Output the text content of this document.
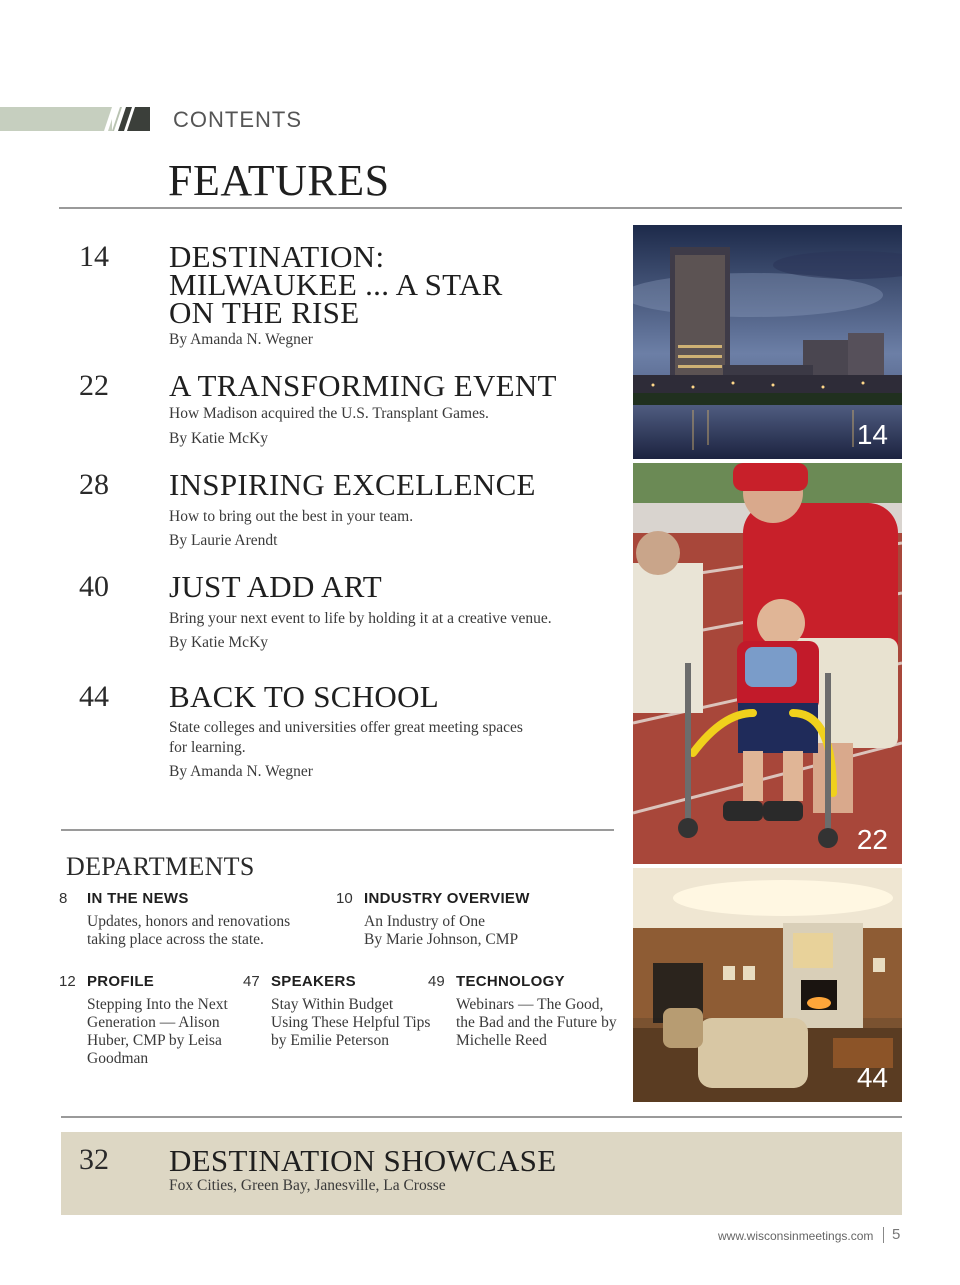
CONTENTS
FEATURES
14 DESTINATION: MILWAUKEE ... A STAR ON THE RISE
By Amanda N. Wegner
22 A TRANSFORMING EVENT
How Madison acquired the U.S. Transplant Games.
By Katie McKy
28 INSPIRING EXCELLENCE
How to bring out the best in your team.
By Laurie Arendt
40 JUST ADD ART
Bring your next event to life by holding it at a creative venue.
By Katie McKy
44 BACK TO SCHOOL
State colleges and universities offer great meeting spaces for learning.
By Amanda N. Wegner
14
22
44
DEPARTMENTS
8 IN THE NEWS
Updates, honors and renovations taking place across the state.
10 INDUSTRY OVERVIEW
An Industry of One
By Marie Johnson, CMP
12 PROFILE
Stepping Into the Next Generation — Alison Huber, CMP by Leisa Goodman
47 SPEAKERS
Stay Within Budget Using These Helpful Tips by Emilie Peterson
49 TECHNOLOGY
Webinars — The Good, the Bad and the Future by Michelle Reed
32 DESTINATION SHOWCASE
Fox Cities, Green Bay, Janesville, La Crosse
www.wisconsinmeetings.com 5
